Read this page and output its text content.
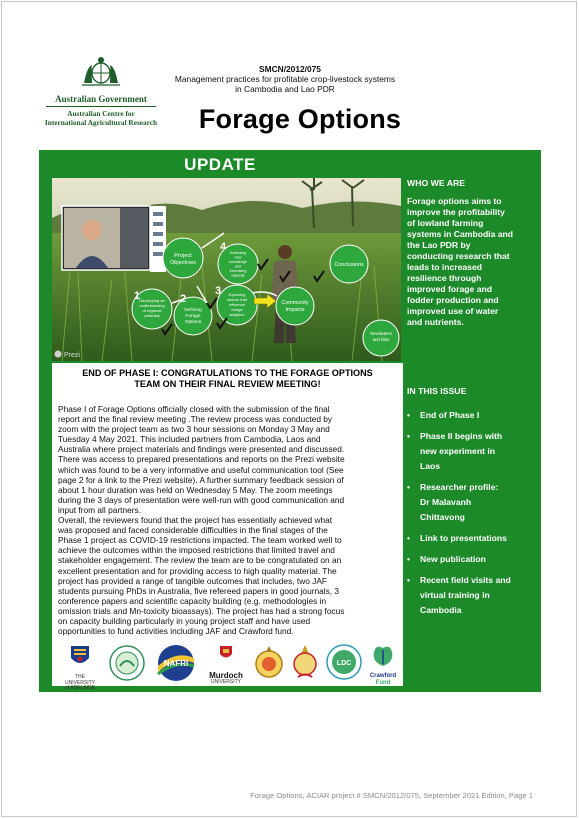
Australian Government
Australian Centre for
International Agricultural Research
SMCN/2012/075
Management practices for profitable crop-livestock systems
in Cambodia and Lao PDR
Forage Options
UPDATE
Project
Objectives
Developing an
understanding
of regional
potential
Defining
Forage
Options
Extending
new
knowledge
and
increasing
capacity
Exploring
factors that
influence
forage
adoption
Community
Impacts
Conclusions
Newsletters
and links
1	2
3
4
Prezi
END OF PHASE I: CONGRATULATIONS TO THE FORAGE OPTIONS
TEAM ON THEIR FINAL REVIEW MEETING!

Phase I of Forage Options officially closed with the submission of the final
report and the final review meeting .The review process was conducted by
zoom with the project team as two 3 hour sessions on Monday 3 May and
Tuesday 4 May 2021. This included partners from Cambodia, Laos and
Australia where project materials and findings were presented and discussed.
There was access to prepared presentations and reports on the Prezi website
which was found to be a very informative and useful communication tool (See
page 2 for a link to the Prezi website). A further summary feedback session of
about 1 hour duration was held on Wednesday 5 May. The zoom meetings
during the 3 days of presentation were well-run with good communication and
input from all partners.

Overall, the reviewers found that the project has essentially achieved what
was proposed and faced considerable difficulties in the final stages of the
Phase 1 project as COVID-19 restrictions impacted. The team worked well to
achieve the outcomes within the imposed restrictions that limited travel and
stakeholder engagement. The review the team are to be congratulated on an
excellent presentation and for providing access to high quality material. The
project has provided a range of tangible outcomes that includes, two JAF
students pursuing PhDs in Australia, five refereed papers in good journals, 3
conference papers and scientific capacity building (e.g. methodologies in
omission trials and Mn-toxicity bioassays). The project has had a strong focus
on capacity building particularly in young project staff and have used
opportunities to fund activities including JAF and Crawford fund.

THE UNIVERSITY
of ADELAIDE
NAFRI
Murdoch
UNIVERSITY
LDC
Crawford
Fund
WHO WE ARE
Forage options aims to
improve the profitability
of lowland farming
systems in Cambodia and
the Lao PDR by
conducting research that
leads to increased
resilience through
improved forage and
fodder production and
improved use of water
and nutrients.
IN THIS ISSUE
• End of Phase I
• Phase II begins with
new experiment in
Laos
• Researcher profile:
Dr Malavanh
Chittavong
• Link to presentations
• New publication
• Recent field visits and
virtual training in
Cambodia
Forage Options, ACIAR project # SMCN/2012/075, September 2021 Edition, Page 1
